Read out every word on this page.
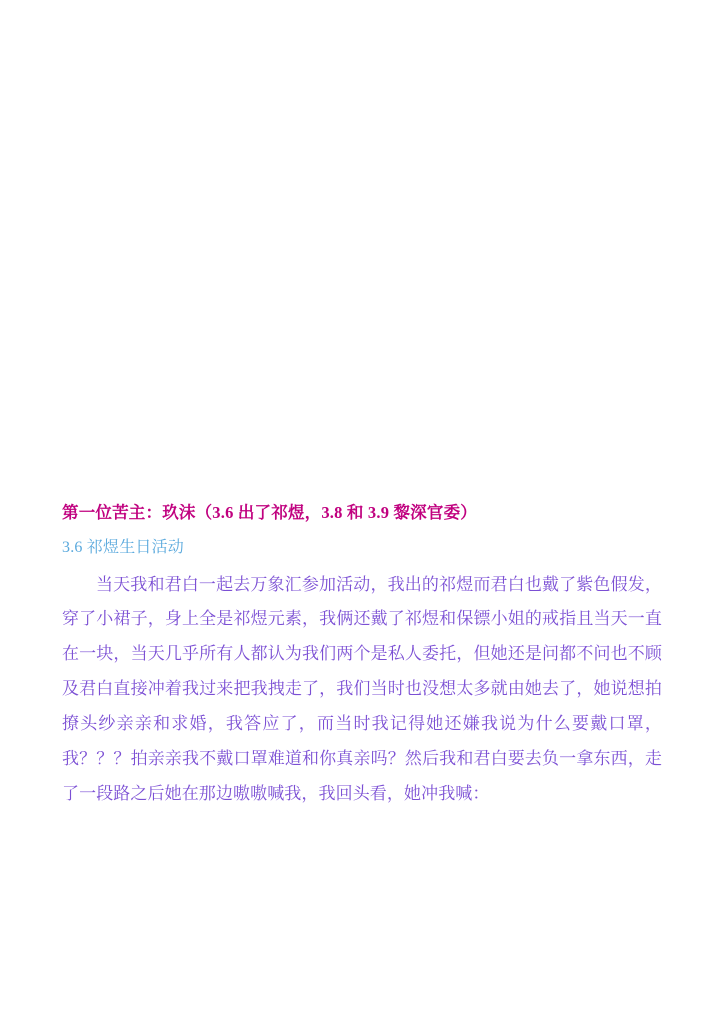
第一位苦主：玖沫（3.6 出了祁煜，3.8 和 3.9 黎深官委）

3.6 祁煜生日活动

当天我和君白一起去万象汇参加活动，我出的祁煜而君白也戴了紫色假发，穿了小裙子，身上全是祁煜元素，我俩还戴了祁煜和保镖小姐的戒指且当天一直在一块，当天几乎所有人都认为我们两个是私人委托，但她还是问都不问也不顾及君白直接冲着我过来把我拽走了，我们当时也没想太多就由她去了，她说想拍撩头纱亲亲和求婚，我答应了，而当时我记得她还嫌我说为什么要戴口罩，我？？？拍亲亲我不戴口罩难道和你真亲吗？然后我和君白要去负一拿东西，走了一段路之后她在那边嗷嗷喊我，我回头看，她冲我喊：
